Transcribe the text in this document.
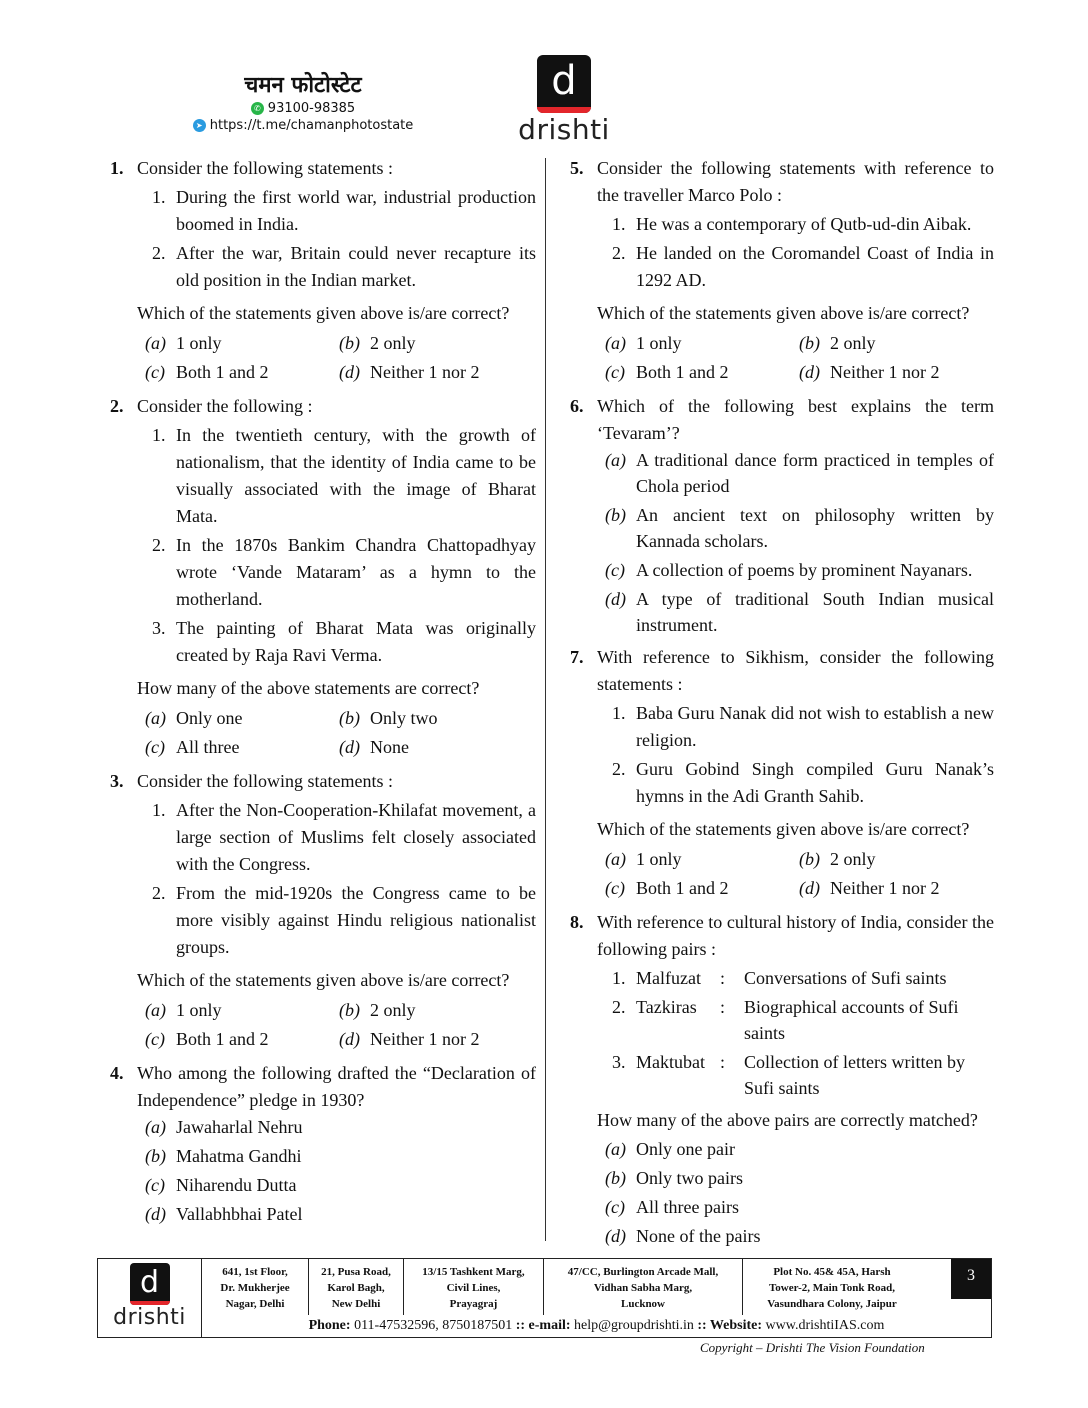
चमन फोटोस्टेट
✆ 93100-98385
➤ https://t.me/chamanphotostate
d
drishti
1. Consider the following statements :
1. During the first world war, industrial production boomed in India.
2. After the war, Britain could never recapture its old position in the Indian market.
Which of the statements given above is/are correct?
(a) 1 only	(b) 2 only
(c) Both 1 and 2	(d) Neither 1 nor 2
2. Consider the following :
1. In the twentieth century, with the growth of nationalism, that the identity of India came to be visually associated with the image of Bharat Mata.
2. In the 1870s Bankim Chandra Chattopadhyay wrote ‘Vande Mataram’ as a hymn to the motherland.
3. The painting of Bharat Mata was originally created by Raja Ravi Verma.
How many of the above statements are correct?
(a) Only one	(b) Only two
(c) All three	(d) None
3. Consider the following statements :
1. After the Non-Cooperation-Khilafat movement, a large section of Muslims felt closely associated with the Congress.
2. From the mid-1920s the Congress came to be more visibly against Hindu religious nationalist groups.
Which of the statements given above is/are correct?
(a) 1 only	(b) 2 only
(c) Both 1 and 2	(d) Neither 1 nor 2
4. Who among the following drafted the “Declaration of Independence” pledge in 1930?
(a) Jawaharlal Nehru
(b) Mahatma Gandhi
(c) Niharendu Dutta
(d) Vallabhbhai Patel
5. Consider the following statements with reference to the traveller Marco Polo :
1. He was a contemporary of Qutb-ud-din Aibak.
2. He landed on the Coromandel Coast of India in 1292 AD.
Which of the statements given above is/are correct?
(a) 1 only	(b) 2 only
(c) Both 1 and 2	(d) Neither 1 nor 2
6. Which of the following best explains the term ‘Tevaram’?
(a) A traditional dance form practiced in temples of Chola period
(b) An ancient text on philosophy written by Kannada scholars.
(c) A collection of poems by prominent Nayanars.
(d) A type of traditional South Indian musical instrument.
7. With reference to Sikhism, consider the following statements :
1. Baba Guru Nanak did not wish to establish a new religion.
2. Guru Gobind Singh compiled Guru Nanak’s hymns in the Adi Granth Sahib.
Which of the statements given above is/are correct?
(a) 1 only	(b) 2 only
(c) Both 1 and 2	(d) Neither 1 nor 2
8. With reference to cultural history of India, consider the following pairs :
1. Malfuzat	:	Conversations of Sufi saints
2. Tazkiras	:	Biographical accounts of Sufi saints
3. Maktubat :	Collection of letters written by Sufi saints
How many of the above pairs are correctly matched?
(a) Only one pair
(b) Only two pairs
(c) All three pairs
(d) None of the pairs
d
drishti
641, 1st Floor,
Dr. Mukherjee
Nagar, Delhi
21, Pusa Road,
Karol Bagh,
New Delhi
13/15 Tashkent Marg,
Civil Lines,
Prayagraj
47/CC, Burlington Arcade Mall,
Vidhan Sabha Marg,
Lucknow
Plot No. 45& 45A, Harsh
Tower-2, Main Tonk Road,
Vasundhara Colony, Jaipur
3
Phone: 011-47532596, 8750187501 :: e-mail: help@groupdrishti.in :: Website: www.drishtiIAS.com
Copyright – Drishti The Vision Foundation
